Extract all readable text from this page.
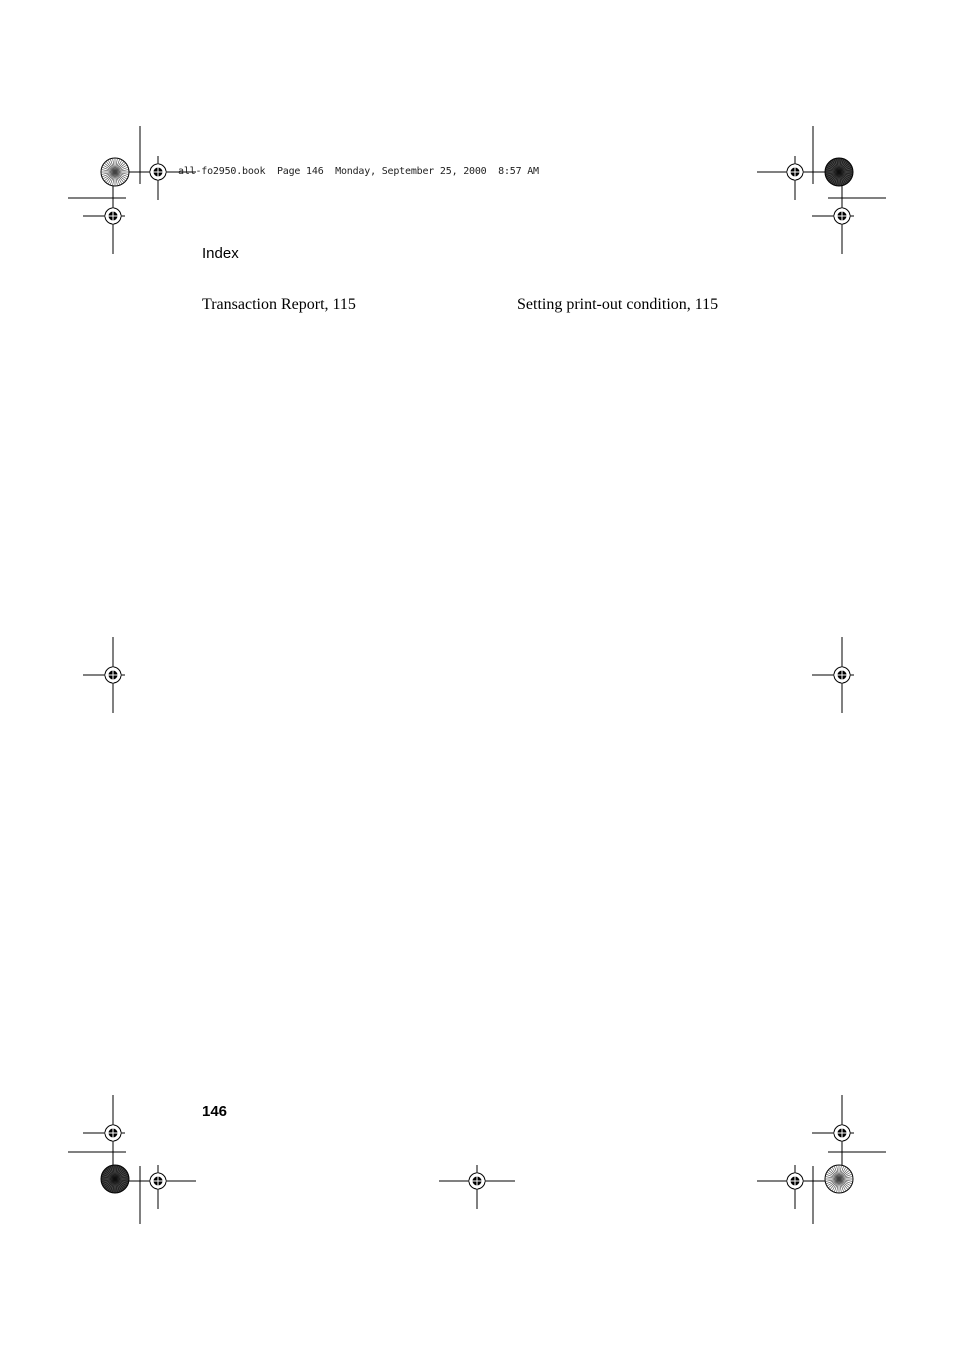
all-fo2950.book  Page 146  Monday, September 25, 2000  8:57 AM
Index
Transaction Report, 115	Setting print-out condition, 115
146
